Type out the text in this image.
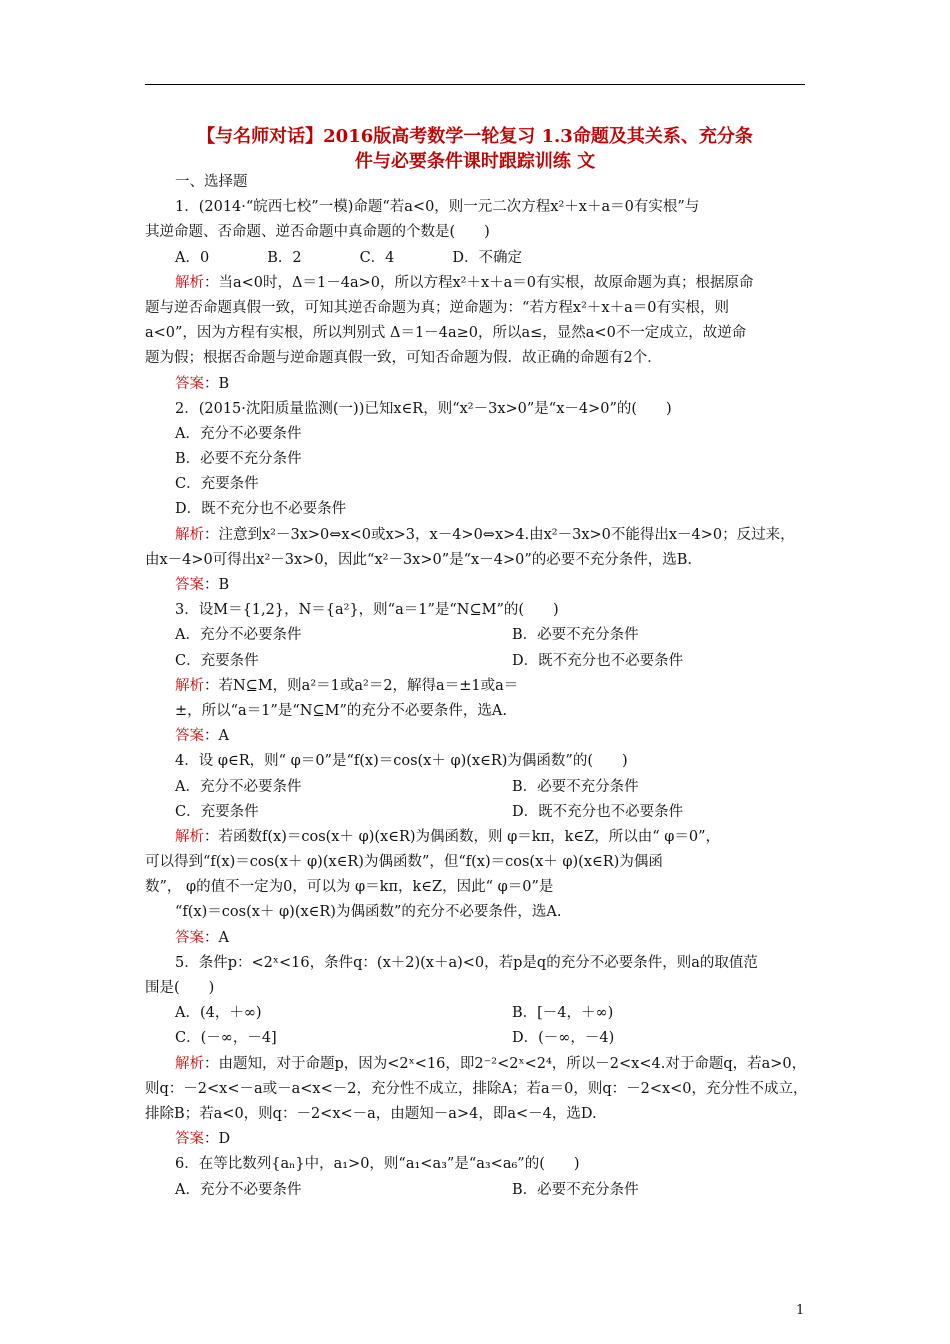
【与名师对话】2016版高考数学一轮复习 1.3命题及其关系、充分条
件与必要条件课时跟踪训练 文
一、选择题
1．(2014·“皖西七校”一模)命题“若a<0，则一元二次方程x²＋x＋a＝0有实根”与
其逆命题、否命题、逆否命题中真命题的个数是(　　)
A．0　　　　B．2　　　　C．4　　　　D．不确定
解析：当a<0时，Δ＝1－4a>0，所以方程x²＋x＋a＝0有实根，故原命题为真；根据原命
题与逆否命题真假一致，可知其逆否命题为真；逆命题为：“若方程x²＋x＋a＝0有实根，则
a<0”，因为方程有实根，所以判别式 Δ＝1－4a≥0，所以a≤，显然a<0不一定成立，故逆命
题为假；根据否命题与逆命题真假一致，可知否命题为假．故正确的命题有2个．
答案：B
2．(2015·沈阳质量监测(一))已知x∈R，则“x²－3x>0”是“x－4>0”的(　　)
A．充分不必要条件
B．必要不充分条件
C．充要条件
D．既不充分也不必要条件
解析：注意到x²－3x>0⇔x<0或x>3，x－4>0⇔x>4.由x²－3x>0不能得出x－4>0；反过来，
由x－4>0可得出x²－3x>0，因此“x²－3x>0”是“x－4>0”的必要不充分条件，选B.
答案：B
3．设M＝{1,2}，N＝{a²}，则“a＝1”是“N⊆M”的(　　)
A．充分不必要条件	B．必要不充分条件
C．充要条件	D．既不充分也不必要条件
解析：若N⊆M，则a²＝1或a²＝2，解得a＝±1或a＝
±，所以“a＝1”是“N⊆M”的充分不必要条件，选A.
答案：A
4．设 φ∈R，则“ φ＝0”是“f(x)＝cos(x＋ φ)(x∈R)为偶函数”的(　　)
A．充分不必要条件	B．必要不充分条件
C．充要条件	D．既不充分也不必要条件
解析：若函数f(x)＝cos(x＋ φ)(x∈R)为偶函数，则 φ＝kπ，k∈Z，所以由“ φ＝0”，
可以得到“f(x)＝cos(x＋ φ)(x∈R)为偶函数”，但“f(x)＝cos(x＋ φ)(x∈R)为偶函
数”， φ的值不一定为0，可以为 φ＝kπ，k∈Z，因此“ φ＝0”是
“f(x)＝cos(x＋ φ)(x∈R)为偶函数”的充分不必要条件，选A.
答案：A
5．条件p：<2ˣ<16，条件q：(x＋2)(x＋a)<0，若p是q的充分不必要条件，则a的取值范
围是(　　)
A．(4，＋∞)	B．[－4，＋∞)
C．(－∞，－4]	D．(－∞，－4)
解析：由题知，对于命题p，因为<2ˣ<16，即2⁻²<2ˣ<2⁴，所以－2<x<4.对于命题q，若a>0，
则q：－2<x<－a或－a<x<－2，充分性不成立，排除A；若a＝0，则q：－2<x<0，充分性不成立，
排除B；若a<0，则q：－2<x<－a，由题知－a>4，即a<－4，选D.
答案：D
6．在等比数列{aₙ}中，a₁>0，则“a₁<a₃”是“a₃<a₆”的(　　)
A．充分不必要条件	B．必要不充分条件
1
